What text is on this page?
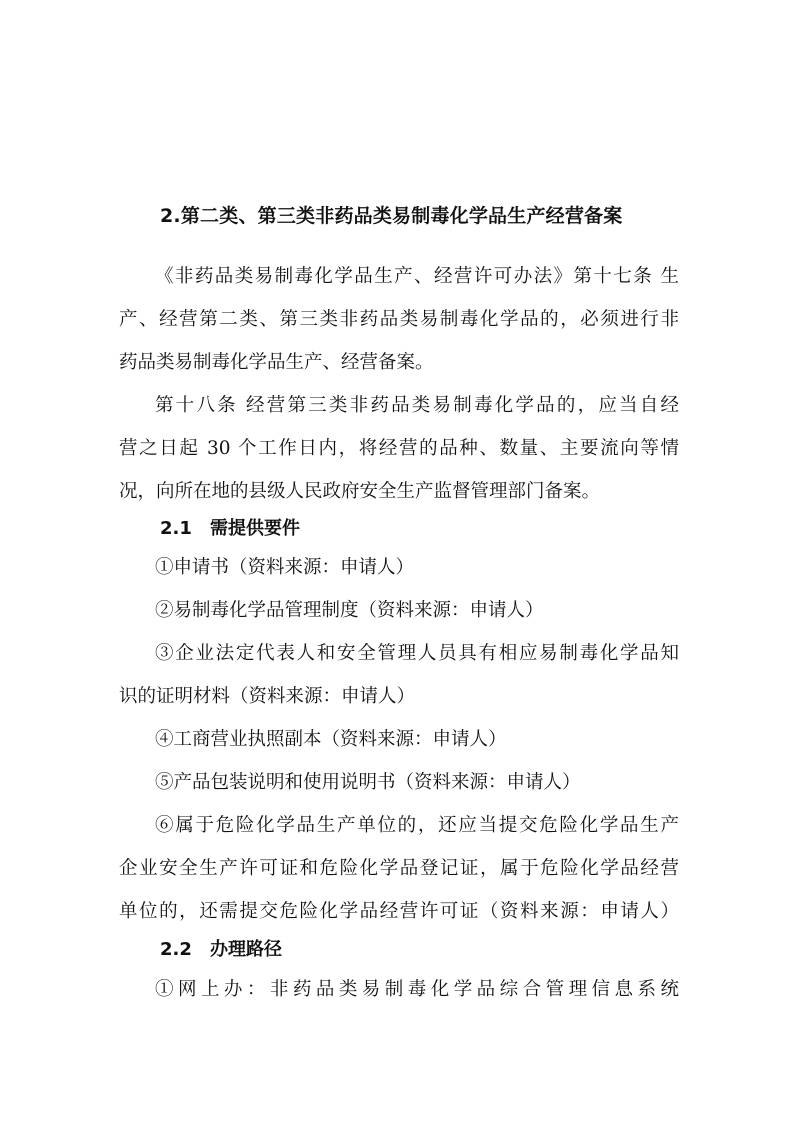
2.第二类、第三类非药品类易制毒化学品生产经营备案
《非药品类易制毒化学品生产、经营许可办法》第十七条 生
产、经营第二类、第三类非药品类易制毒化学品的，必须进行非
药品类易制毒化学品生产、经营备案。
第十八条 经营第三类非药品类易制毒化学品的，应当自经
营之日起 30 个工作日内，将经营的品种、数量、主要流向等情
况，向所在地的县级人民政府安全生产监督管理部门备案。
2.1 需提供要件
①申请书（资料来源：申请人）
②易制毒化学品管理制度（资料来源：申请人）
③企业法定代表人和安全管理人员具有相应易制毒化学品知
识的证明材料（资料来源：申请人）
④工商营业执照副本（资料来源：申请人）
⑤产品包装说明和使用说明书（资料来源：申请人）
⑥属于危险化学品生产单位的，还应当提交危险化学品生产
企业安全生产许可证和危险化学品登记证，属于危险化学品经营
单位的，还需提交危险化学品经营许可证（资料来源：申请人）
2.2 办理路径
①网上办：非药品类易制毒化学品综合管理信息系统
